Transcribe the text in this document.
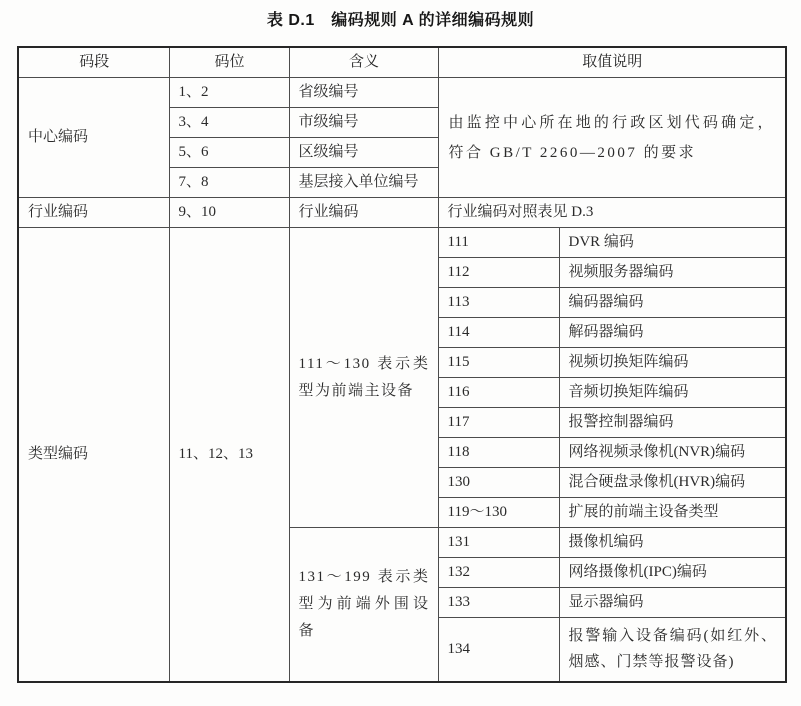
表 D.1　编码规则 A 的详细编码规则
码段	码位	含义	取值说明	
中心编码	1、2	省级编号	由监控中心所在地的行政区划代码确定，符合 GB/T 2260—2007 的要求	
	3、4	市级编号		
	5、6	区级编号		
	7、8	基层接入单位编号		
行业编码	9、10	行业编码	行业编码对照表见 D.3	
类型编码	11、12、13	111～130 表示类型为前端主设备	111	DVR 编码
			112	视频服务器编码
			113	编码器编码
			114	解码器编码
			115	视频切换矩阵编码
			116	音频切换矩阵编码
			117	报警控制器编码
			118	网络视频录像机(NVR)编码
			130	混合硬盘录像机(HVR)编码
			119～130	扩展的前端主设备类型
		131～199 表示类型为前端外围设备	131	摄像机编码
			132	网络摄像机(IPC)编码
			133	显示器编码
			134	报警输入设备编码(如红外、烟感、门禁等报警设备)
